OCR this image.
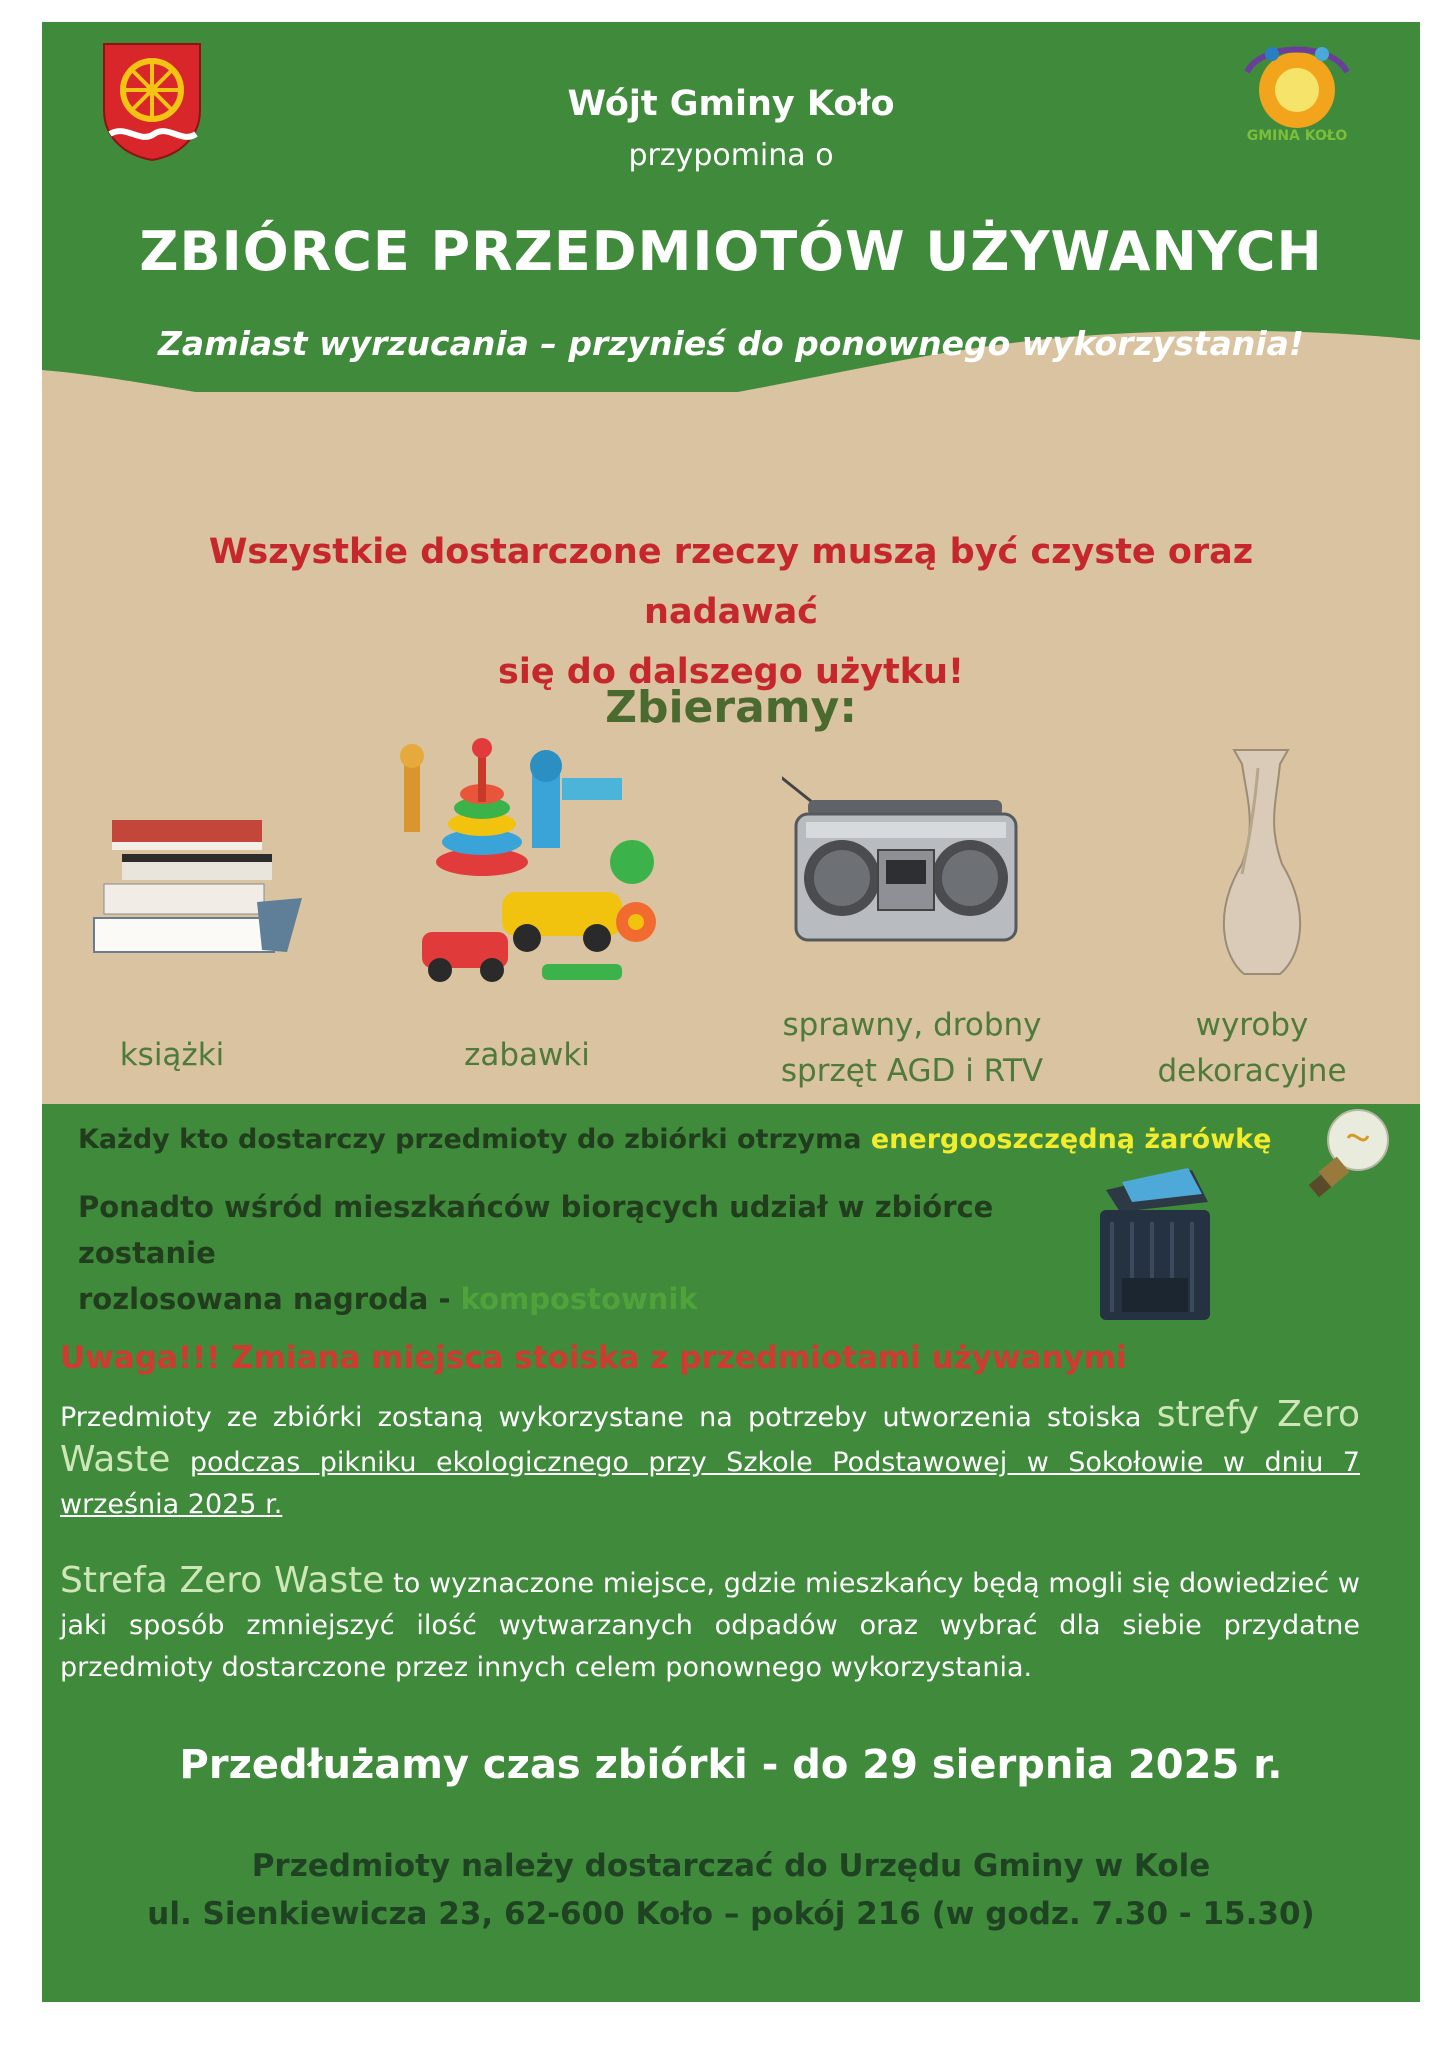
GMINA KOŁO
Wójt Gminy Koło
przypomina o
ZBIÓRCE PRZEDMIOTÓW UŻYWANYCH
Zamiast wyrzucania – przynieś do ponownego wykorzystania!
Wszystkie dostarczone rzeczy muszą być czyste oraz nadawać
się do dalszego użytku!
Zbieramy:
książki	zabawki
sprawny, drobny
sprzęt AGD i RTV
wyroby
dekoracyjne
Każdy kto dostarczy przedmioty do zbiórki otrzyma energooszczędną żarówkę
Ponadto wśród mieszkańców biorących udział w zbiórce zostanie
rozlosowana nagroda - kompostownik
Uwaga!!! Zmiana miejsca stoiska z przedmiotami używanymi
Przedmioty ze zbiórki zostaną wykorzystane na potrzeby utworzenia stoiska strefy Zero Waste podczas pikniku ekologicznego przy Szkole Podstawowej w Sokołowie w dniu 7 września 2025 r.
Strefa Zero Waste to wyznaczone miejsce, gdzie mieszkańcy będą mogli się dowiedzieć w jaki sposób zmniejszyć ilość wytwarzanych odpadów oraz wybrać dla siebie przydatne przedmioty dostarczone przez innych celem ponownego wykorzystania.
Przedłużamy czas zbiórki - do 29 sierpnia 2025 r.
Przedmioty należy dostarczać do Urzędu Gminy w Kole
ul. Sienkiewicza 23, 62-600 Koło – pokój 216 (w godz. 7.30 - 15.30)
